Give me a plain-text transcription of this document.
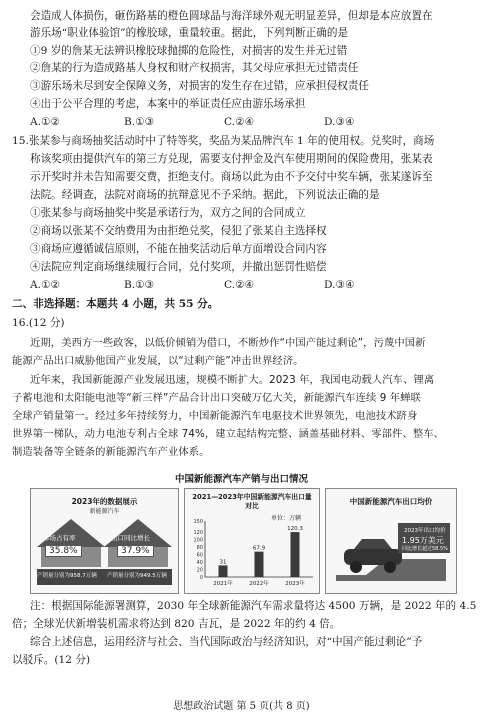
会造成人体损伤，砸伤路基的橙色圆球晶与海洋球外观无明显差异，但却是本应放置在
游乐场“职业体验馆”的橡胶球，重量较重。据此，下列判断正确的是
①9 岁的詹某无法辨识橡胶球抛掷的危险性，对损害的发生并无过错
②詹某的行为造成路基人身权和财产权损害，其父母应承担无过错责任
③游乐场未尽到安全保障义务，对损害的发生存在过错，应承担侵权责任
④出于公平合理的考虑，本案中的举证责任应由游乐场承担
A.①②	B.①③	C.②④	D.③④
15.张某参与商场抽奖活动时中了特等奖，奖品为某品牌汽车 1 年的使用权。兑奖时，商场
称该奖项由提供汽车的第三方兑现，需要支付押金及汽车使用期间的保险费用，张某表
示开奖时并未告知需要交费，拒绝支付。商场以此为由不予交付中奖车辆，张某遂诉至
法院。经调查，法院对商场的抗辩意见不予采纳。据此，下列说法正确的是
①张某参与商场抽奖中奖是承诺行为，双方之间的合同成立
②商场以张某不交纳费用为由拒绝兑奖，侵犯了张某自主选择权
③商场应遵循诚信原则，不能在抽奖活动后单方面增设合同内容
④法院应判定商场继续履行合同，兑付奖项，并撤出惩罚性赔偿
A.①②	B.①③	C.②④	D.③④
二、非选择题：本题共 4 小题，共 55 分。
16.(12 分)
近期，美西方一些政客，以低价倾销为借口，不断炒作“中国产能过剩论”，污蔑中国新
能源产品出口威胁他国产业发展，以“过剩产能”冲击世界经济。
近年来，我国新能源产业发展迅速，规模不断扩大。2023 年，我国电动载人汽车、锂离
子蓄电池和太阳能电池等“新三样”产品合计出口突破万亿大关，新能源汽车连续 9 年蝉联
全球产销量第一。经过多年持续努力，中国新能源汽车电驱技术世界领先，电池技术跻身
世界第一梯队，动力电池专利占全球 74%，建立起结构完整、涵盖基础材料、零部件、整车、
制造装备等全链条的新能源汽车产业体系。
中国新能源汽车产销与出口情况
2023年的数据展示
新能源汽车
市场占有率
35.8%
出口同比增长
37.9%
产销量分别为958.7万辆 产销量分别为949.5万辆
2021—2023年中国新能源汽车出口量对比
单位：万辆
0
20
40
60
80
100
120
150
31
2021年
67.9
2022年
120.3
2023年
中国新能源汽车出口均价
2023年出口均价
1.95万美元
同比增长超过58.5%
注：根据国际能源署测算，2030 年全球新能源汽车需求量将达 4500 万辆，是 2022 年的 4.5
倍；全球光伏新增装机需求将达到 820 吉瓦，是 2022 年的约 4 倍。
综合上述信息，运用经济与社会、当代国际政治与经济知识，对“中国产能过剩论”予
以驳斥。(12 分)
思想政治试题 第 5 页(共 8 页)
